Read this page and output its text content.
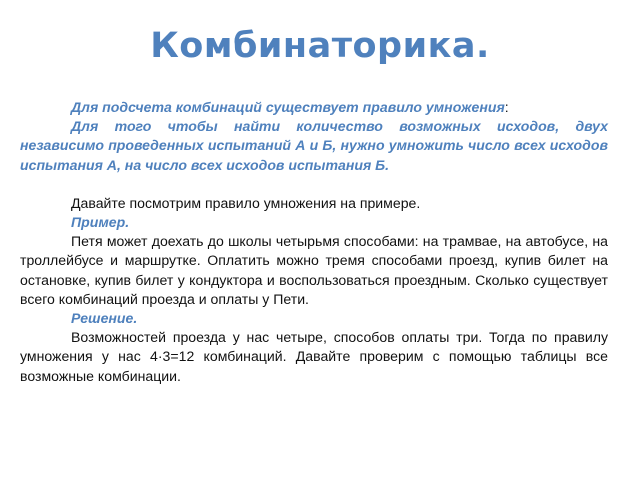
Комбинаторика.

Для подсчета комбинаций существует правило умножения:

Для того чтобы найти количество возможных исходов, двух независимо проведенных испытаний А и Б, нужно умножить число всех исходов испытания А, на число всех исходов испытания Б.

Давайте посмотрим правило умножения на примере.

Пример.

Петя может доехать до школы четырьмя способами: на трамвае, на автобусе, на троллейбусе и маршрутке. Оплатить можно тремя способами проезд, купив билет на остановке, купив билет у кондуктора и воспользоваться проездным. Сколько существует всего комбинаций проезда и оплаты у Пети.

Решение.

Возможностей проезда у нас четыре, способов оплаты три. Тогда по правилу умножения у нас 4·3=12 комбинаций. Давайте проверим с помощью таблицы все возможные комбинации.
